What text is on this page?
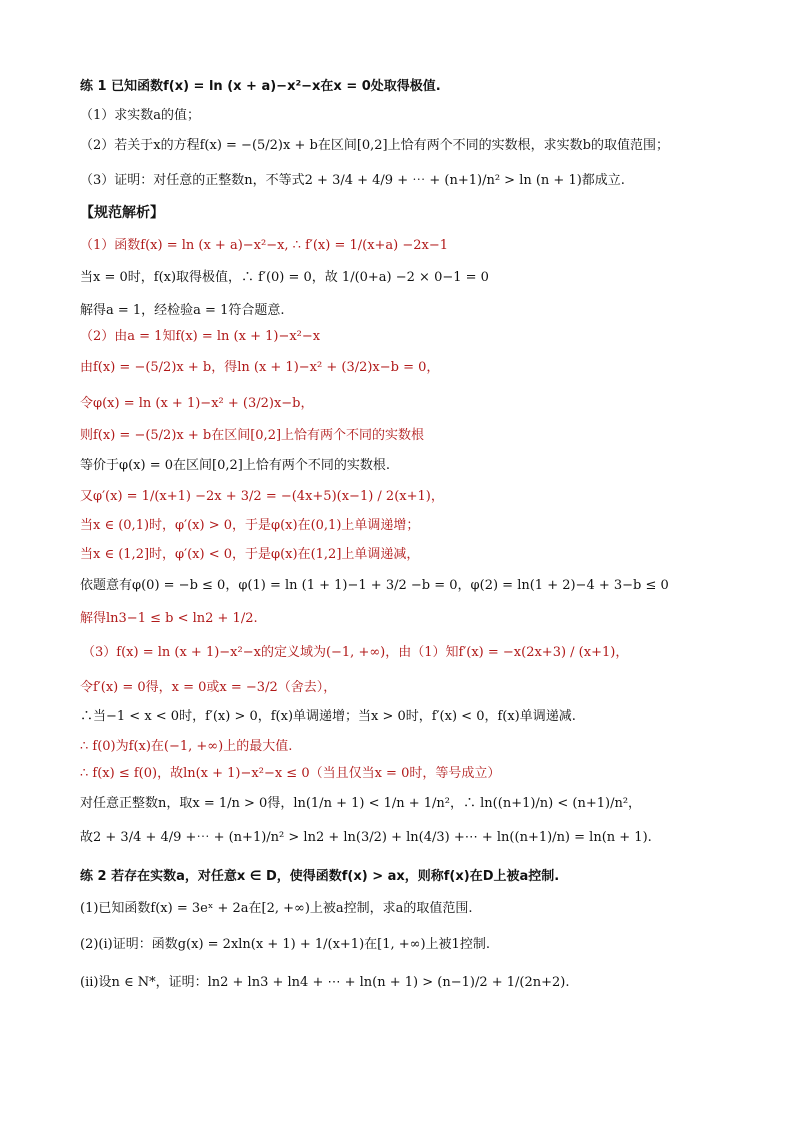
练 1 已知函数f(x) = ln (x + a)−x²−x在x = 0处取得极值.
（1）求实数a的值；
（2）若关于x的方程f(x) = −(5/2)x + b在区间[0,2]上恰有两个不同的实数根，求实数b的取值范围；
（3）证明：对任意的正整数n，不等式2 + 3/4 + 4/9 + ⋯ + (n+1)/n² > ln (n + 1)都成立.
【规范解析】
（1）函数f(x) = ln (x + a)−x²−x, ∴ f′(x) = 1/(x+a) −2x−1
当x = 0时，f(x)取得极值，∴ f′(0) = 0，故 1/(0+a) −2 × 0−1 = 0
解得a = 1，经检验a = 1符合题意.
（2）由a = 1知f(x) = ln (x + 1)−x²−x
由f(x) = −(5/2)x + b，得ln (x + 1)−x² + (3/2)x−b = 0，
令φ(x) = ln (x + 1)−x² + (3/2)x−b，
则f(x) = −(5/2)x + b在区间[0,2]上恰有两个不同的实数根
等价于φ(x) = 0在区间[0,2]上恰有两个不同的实数根.
又φ′(x) = 1/(x+1) −2x + 3/2 = −(4x+5)(x−1) / 2(x+1)，
当x ∈ (0,1)时，φ′(x) > 0，于是φ(x)在(0,1)上单调递增；
当x ∈ (1,2]时，φ′(x) < 0，于是φ(x)在(1,2]上单调递减，
依题意有φ(0) = −b ≤ 0，φ(1) = ln (1 + 1)−1 + 3/2 −b = 0，φ(2) = ln(1 + 2)−4 + 3−b ≤ 0
解得ln3−1 ≤ b < ln2 + 1/2.
（3）f(x) = ln (x + 1)−x²−x的定义域为(−1, +∞)，由（1）知f′(x) = −x(2x+3) / (x+1)，
令f′(x) = 0得，x = 0或x = −3/2（舍去），
∴当−1 < x < 0时，f′(x) > 0，f(x)单调递增；当x > 0时，f′(x) < 0，f(x)单调递减.
∴ f(0)为f(x)在(−1, +∞)上的最大值.
∴ f(x) ≤ f(0)，故ln(x + 1)−x²−x ≤ 0（当且仅当x = 0时，等号成立）
对任意正整数n，取x = 1/n > 0得，ln(1/n + 1) < 1/n + 1/n²，∴ ln((n+1)/n) < (n+1)/n²，
故2 + 3/4 + 4/9 +⋯ + (n+1)/n² > ln2 + ln(3/2) + ln(4/3) +⋯ + ln((n+1)/n) = ln(n + 1).
练 2 若存在实数a，对任意x ∈ D，使得函数f(x) > ax，则称f(x)在D上被a控制.
(1)已知函数f(x) = 3eˣ + 2a在[2, +∞)上被a控制，求a的取值范围.
(2)(i)证明：函数g(x) = 2xln(x + 1) + 1/(x+1)在[1, +∞)上被1控制.
(ii)设n ∈ N*，证明：ln2 + ln3 + ln4 + ⋯ + ln(n + 1) > (n−1)/2 + 1/(2n+2).
